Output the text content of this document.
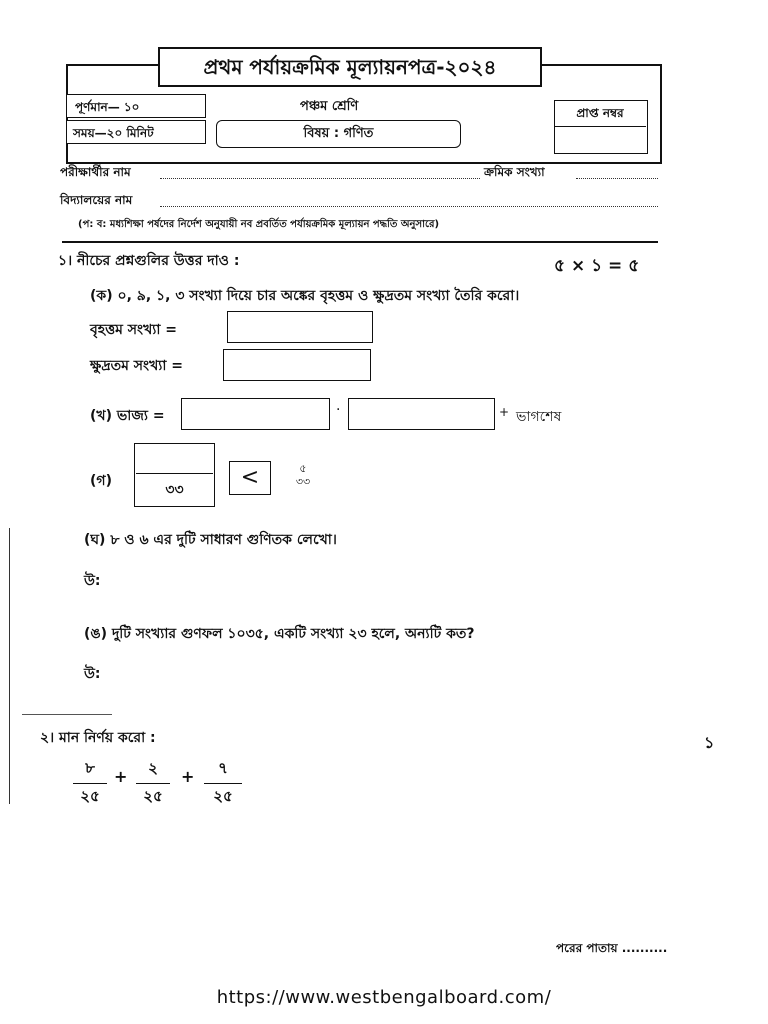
প্রথম পর্যায়ক্রমিক মূল্যায়নপত্র-২০২৪
পূর্ণমান— ১০
সময়—২০ মিনিট
পঞ্চম শ্রেণি
বিষয় : গণিত
প্রাপ্ত নম্বর
পরীক্ষার্থীর নাম	ক্রমিক সংখ্যা
বিদ্যালয়ের নাম
(প: ব: মধ্যশিক্ষা পর্ষদের নির্দেশ অনুযায়ী নব প্রবর্তিত পর্যায়ক্রমিক মূল্যায়ন পদ্ধতি অনুসারে)
১। নীচের প্রশ্নগুলির উত্তর দাও :	৫ × ১ = ৫
(ক) ০, ৯, ১, ৩ সংখ্যা দিয়ে চার অঙ্কের বৃহত্তম ও ক্ষুদ্রতম সংখ্যা তৈরি করো।
বৃহত্তম সংখ্যা =
ক্ষুদ্রতম সংখ্যা =
(খ) ভাজ্য =	·	+ ভাগশেষ
(গ)
৩৩	<	৫
৩৩
(ঘ) ৮ ও ৬ এর দুটি সাধারণ গুণিতক লেখো।
উ:
(ঙ) দুটি সংখ্যার গুণফল ১০৩৫, একটি সংখ্যা ২৩ হলে, অন্যটি কত?
উ:
২। মান নির্ণয় করো :	১
৮
২৫
+ ২
২৫
+ ৭
২৫
পরের পাতায় ..........
https://www.westbengalboard.com/
